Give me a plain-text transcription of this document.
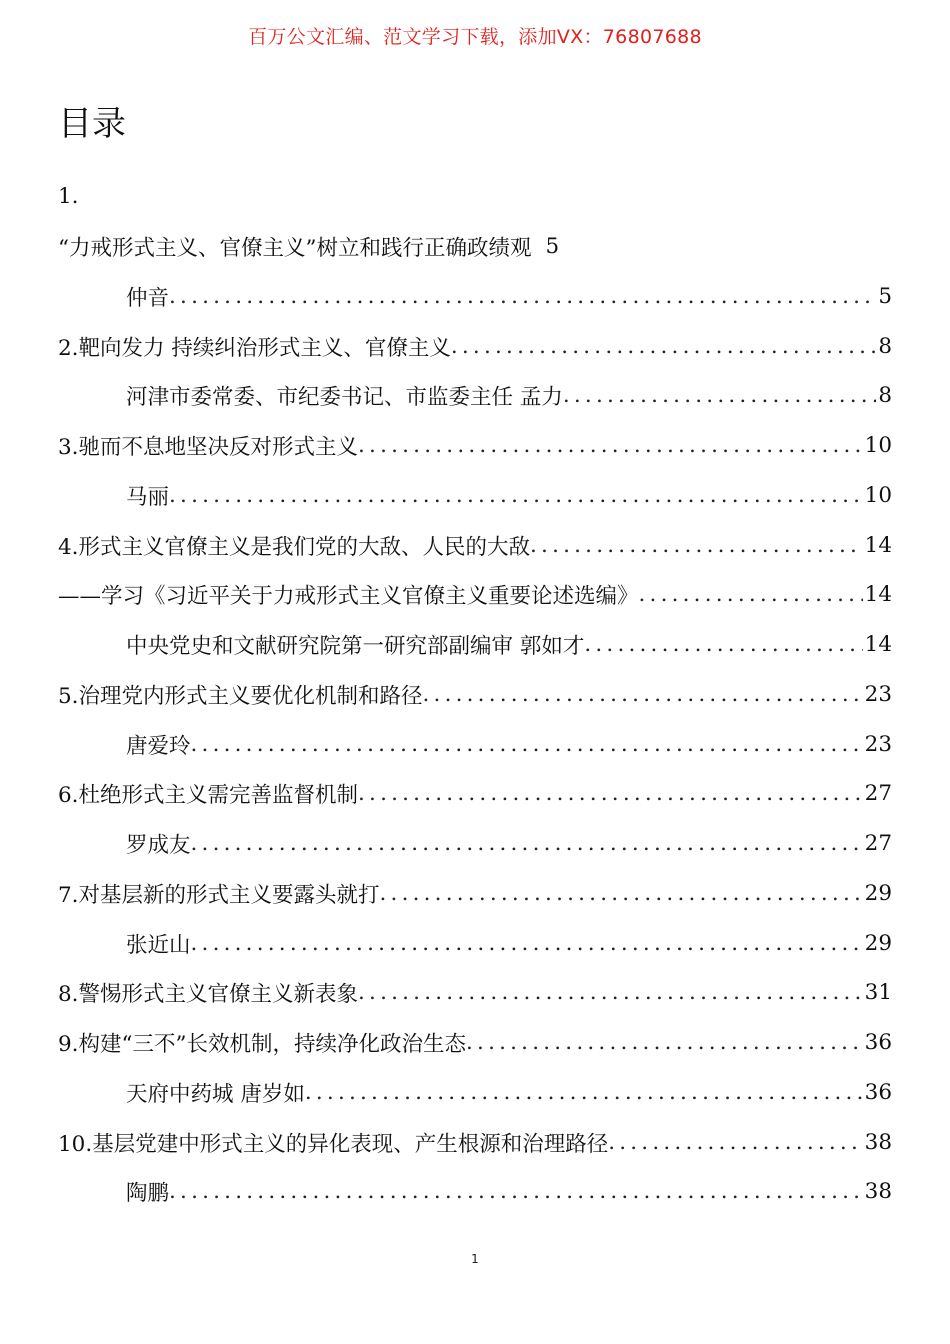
百万公文汇编、范文学习下载，添加VX：76807688
目录
1.
“力戒形式主义、官僚主义”树立和践行正确政绩观 5
仲音 .....	5
2.靶向发力 持续纠治形式主义、官僚主义 .....	8
河津市委常委、市纪委书记、市监委主任 孟力 .....	8
3.驰而不息地坚决反对形式主义 .....	10
马丽 .....	10
4.形式主义官僚主义是我们党的大敌、人民的大敌 .....	14
——学习《习近平关于力戒形式主义官僚主义重要论述选编》 .....	14
中央党史和文献研究院第一研究部副编审 郭如才 .....	14
5.治理党内形式主义要优化机制和路径 .....	23
唐爱玲 .....	23
6.杜绝形式主义需完善监督机制 .....	27
罗成友 .....	27
7.对基层新的形式主义要露头就打 .....	29
张近山 .....	29
8.警惕形式主义官僚主义新表象 .....	31
9.构建“三不”长效机制，持续净化政治生态 .....	36
天府中药城 唐岁如 .....	36
10.基层党建中形式主义的异化表现、产生根源和治理路径 .....	38
陶鹏 .....	38
1
